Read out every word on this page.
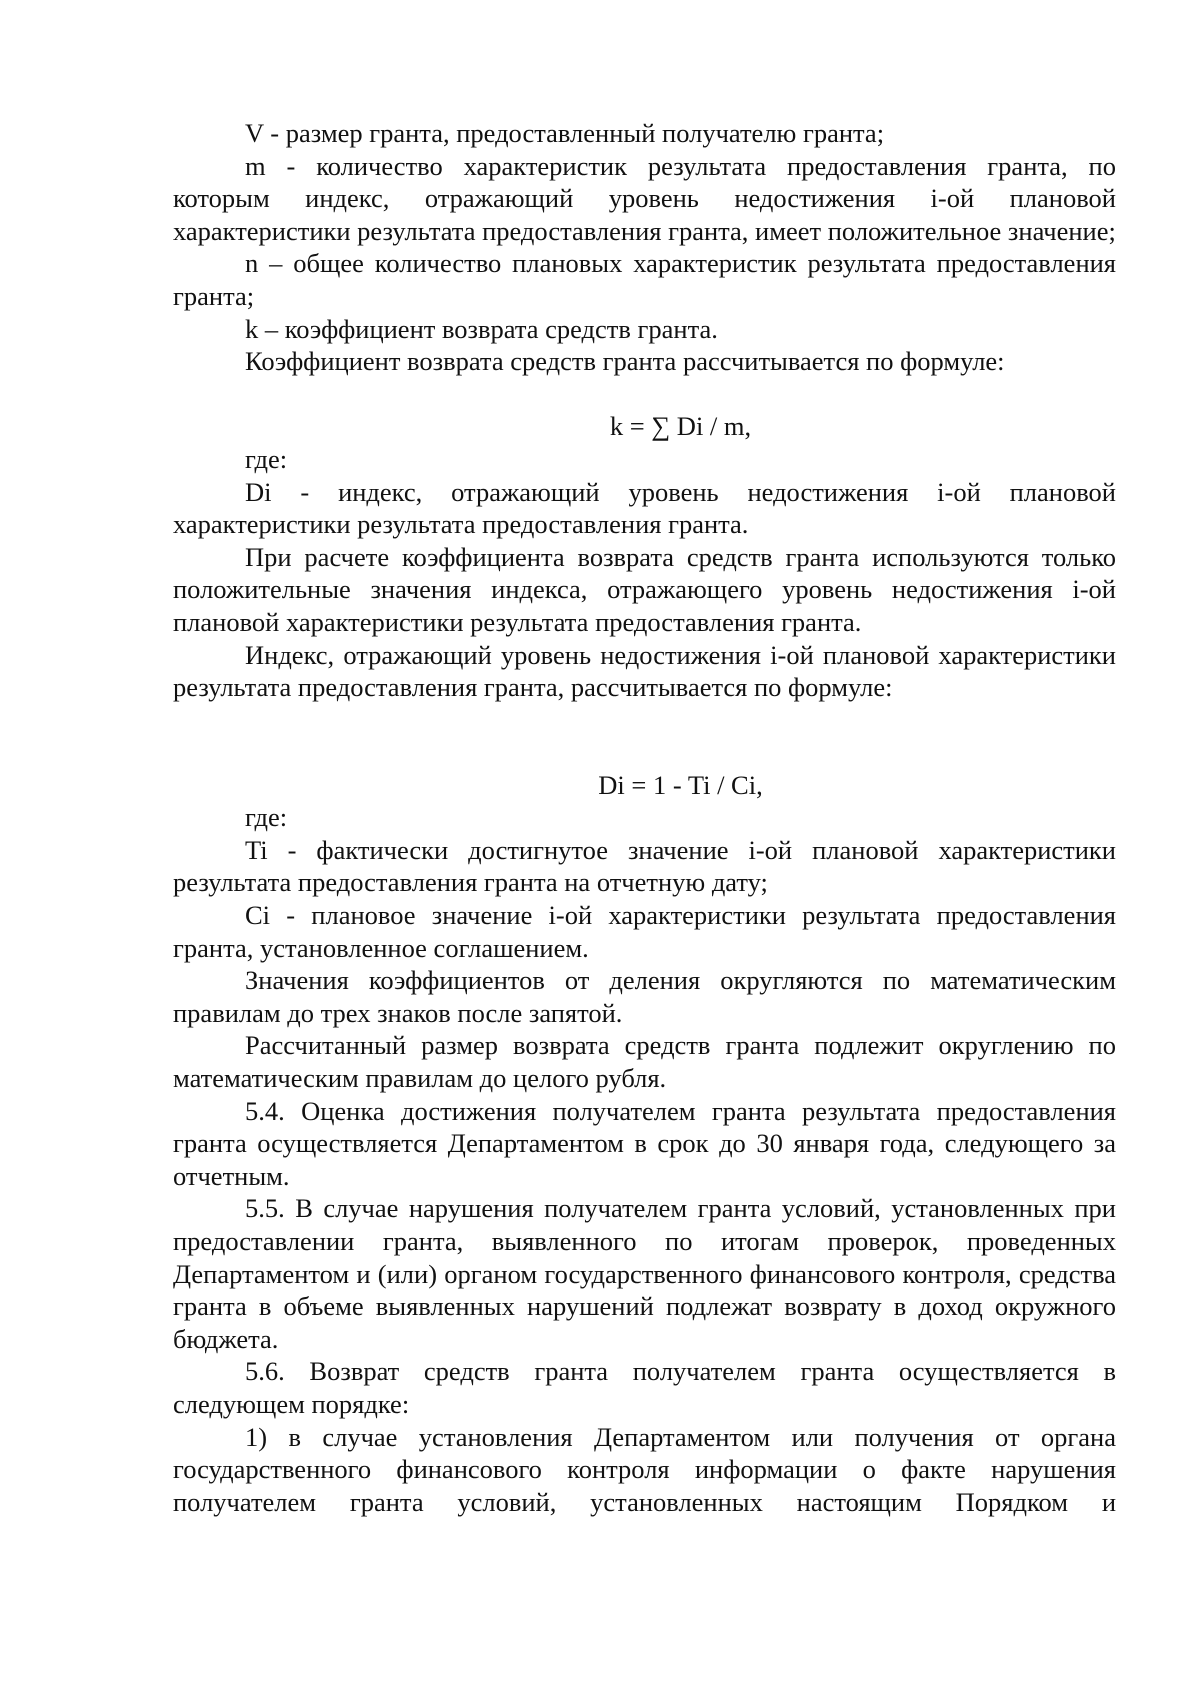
V - размер гранта, предоставленный получателю гранта;

m - количество характеристик результата предоставления гранта, по которым индекс, отражающий уровень недостижения i-ой плановой характеристики результата предоставления гранта, имеет положительное значение;

n – общее количество плановых характеристик результата предоставления гранта;

k – коэффициент возврата средств гранта.

Коэффициент возврата средств гранта рассчитывается по формуле:

k = ∑ Di / m,

где:

Di - индекс, отражающий уровень недостижения i-ой плановой характеристики результата предоставления гранта.

При расчете коэффициента возврата средств гранта используются только положительные значения индекса, отражающего уровень недостижения i-ой плановой характеристики результата предоставления гранта.

Индекс, отражающий уровень недостижения i-ой плановой характеристики результата предоставления гранта, рассчитывается по формуле:

Di = 1 - Ti / Ci,

где:

Ti - фактически достигнутое значение i-ой плановой характеристики результата предоставления гранта на отчетную дату;

Ci - плановое значение i-ой характеристики результата предоставления гранта, установленное соглашением.

Значения коэффициентов от деления округляются по математическим правилам до трех знаков после запятой.

Рассчитанный размер возврата средств гранта подлежит округлению по математическим правилам до целого рубля.

5.4. Оценка достижения получателем гранта результата предоставления гранта осуществляется Департаментом в срок до 30 января года, следующего за отчетным.

5.5. В случае нарушения получателем гранта условий, установленных при предоставлении гранта, выявленного по итогам проверок, проведенных Департаментом и (или) органом государственного финансового контроля, средства гранта в объеме выявленных нарушений подлежат возврату в доход окружного бюджета.

5.6. Возврат средств гранта получателем гранта осуществляется в следующем порядке:

1) в случае установления Департаментом или получения от органа государственного финансового контроля информации о факте нарушения получателем гранта условий, установленных настоящим Порядком и
